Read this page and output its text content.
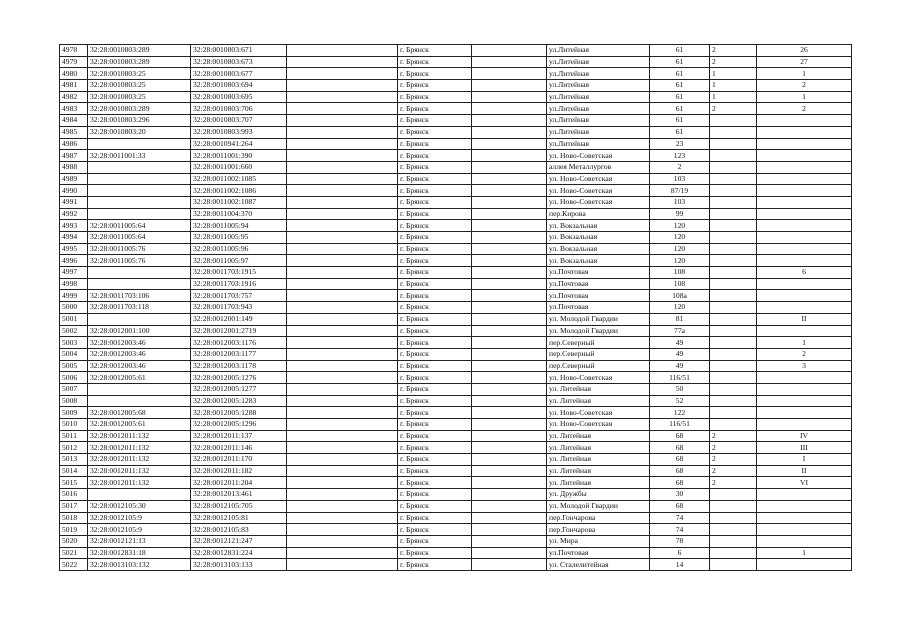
4978	32:28:0010803:289	32:28:0010803:671		г. Брянск		ул.Литейная	61	2	26
4979	32:28:0010803:289	32:28:0010803:673		г. Брянск		ул.Литейная	61	2	27
4980	32:28:0010803:25	32:28:0010803:677		г. Брянск		ул.Литейная	61	1	1
4981	32:28:0010803:25	32:28:0010803:694		г. Брянск		ул.Литейная	61	1	2
4982	32:28:0010803:25	32:28:0010803:695		г. Брянск		ул.Литейная	61	1	1
4983	32:28:0010803:289	32:28:0010803:706		г. Брянск		ул.Литейная	61	2	2
4984	32:28:0010803:296	32:28:0010803:707		г. Брянск		ул.Литейная	61		
4985	32:28:0010803:20	32:28:0010803:993		г. Брянск		ул.Литейная	61		
4986		32:28:0010941:264		г. Брянск		ул.Литейная	23		
4987	32:28:0011001:33	32:28:0011001:390		г. Брянск		ул. Ново-Советская	123		
4988		32:28:0011001:660		г. Брянск		аллея Металлургов	2		
4989		32:28:0011002:1085		г. Брянск		ул. Ново-Советская	103		
4990		32:28:0011002:1086		г. Брянск		ул. Ново-Советская	87/19		
4991		32:28:0011002:1087		г. Брянск		ул. Ново-Советская	103		
4992		32:28:0011004:370		г. Брянск		пер.Кирова	99		
4993	32:28:0011005:64	32:28:0011005:94		г. Брянск		ул. Вокзальная	120		
4994	32:28:0011005:64	32:28:0011005:95		г. Брянск		ул. Вокзальная	120		
4995	32:28:0011005:76	32:28:0011005:96		г. Брянск		ул. Вокзальная	120		
4996	32:28:0011005:76	32:28:0011005:97		г. Брянск		ул. Вокзальная	120		
4997		32:28:0011703:1915		г. Брянск		ул.Почтовая	108		6
4998		32:28:0011703:1916		г. Брянск		ул.Почтовая	108		
4999	32:28:0011703:106	32:28:0011703:757		г. Брянск		ул.Почтовая	108а		
5000	32:28:0011703:118	32:28:0011703:943		г. Брянск		ул.Почтовая	120		
5001		32:28:0012001:149		г. Брянск		ул. Молодой Гвардии	81		II
5002	32:28:0012001:100	32:28:0012001:2719		г. Брянск		ул. Молодой Гвардии	77а		
5003	32:28:0012003:46	32:28:0012003:1176		г. Брянск		пер.Северный	49		1
5004	32:28:0012003:46	32:28:0012003:1177		г. Брянск		пер.Северный	49		2
5005	32:28:0012003:46	32:28:0012003:1178		г. Брянск		пер.Северный	49		3
5006	32:28:0012005:61	32:28:0012005:1276		г. Брянск		ул. Ново-Советская	116/51		
5007		32:28:0012005:1277		г. Брянск		ул. Литейная	50		
5008		32:28:0012005:1283		г. Брянск		ул. Литейная	52		
5009	32:28:0012005:68	32:28:0012005:1288		г. Брянск		ул. Ново-Советская	122		
5010	32:28:0012005:61	32:28:0012005:1296		г. Брянск		ул. Ново-Советская	116/51		
5011	32:28:0012011:132	32:28:0012011:137		г. Брянск		ул. Литейная	68	2	IV
5012	32:28:0012011:132	32:28:0012011:146		г. Брянск		ул. Литейная	68	2	III
5013	32:28:0012011:132	32:28:0012011:170		г. Брянск		ул. Литейная	68	2	I
5014	32:28:0012011:132	32:28:0012011:182		г. Брянск		ул. Литейная	68	2	II
5015	32:28:0012011:132	32:28:0012011:204		г. Брянск		ул. Литейная	68	2	VI
5016		32:28:0012013:461		г. Брянск		ул. Дружбы	30		
5017	32:28:0012105:30	32:28:0012105:705		г. Брянск		ул. Молодой Гвардии	68		
5018	32:28:0012105:9	32:28:0012105:81		г. Брянск		пер.Гончарова	74		
5019	32:28:0012105:9	32:28:0012105:83		г. Брянск		пер.Гончарова	74		
5020	32:28:0012121:13	32:28:0012121:247		г. Брянск		ул. Мира	78		
5021	32:28:0012831:18	32:28:0012831:224		г. Брянск		ул.Почтовая	6		1
5022	32:28:0013103:132	32:28:0013103:133		г. Брянск		ул. Сталелитейная	14		
